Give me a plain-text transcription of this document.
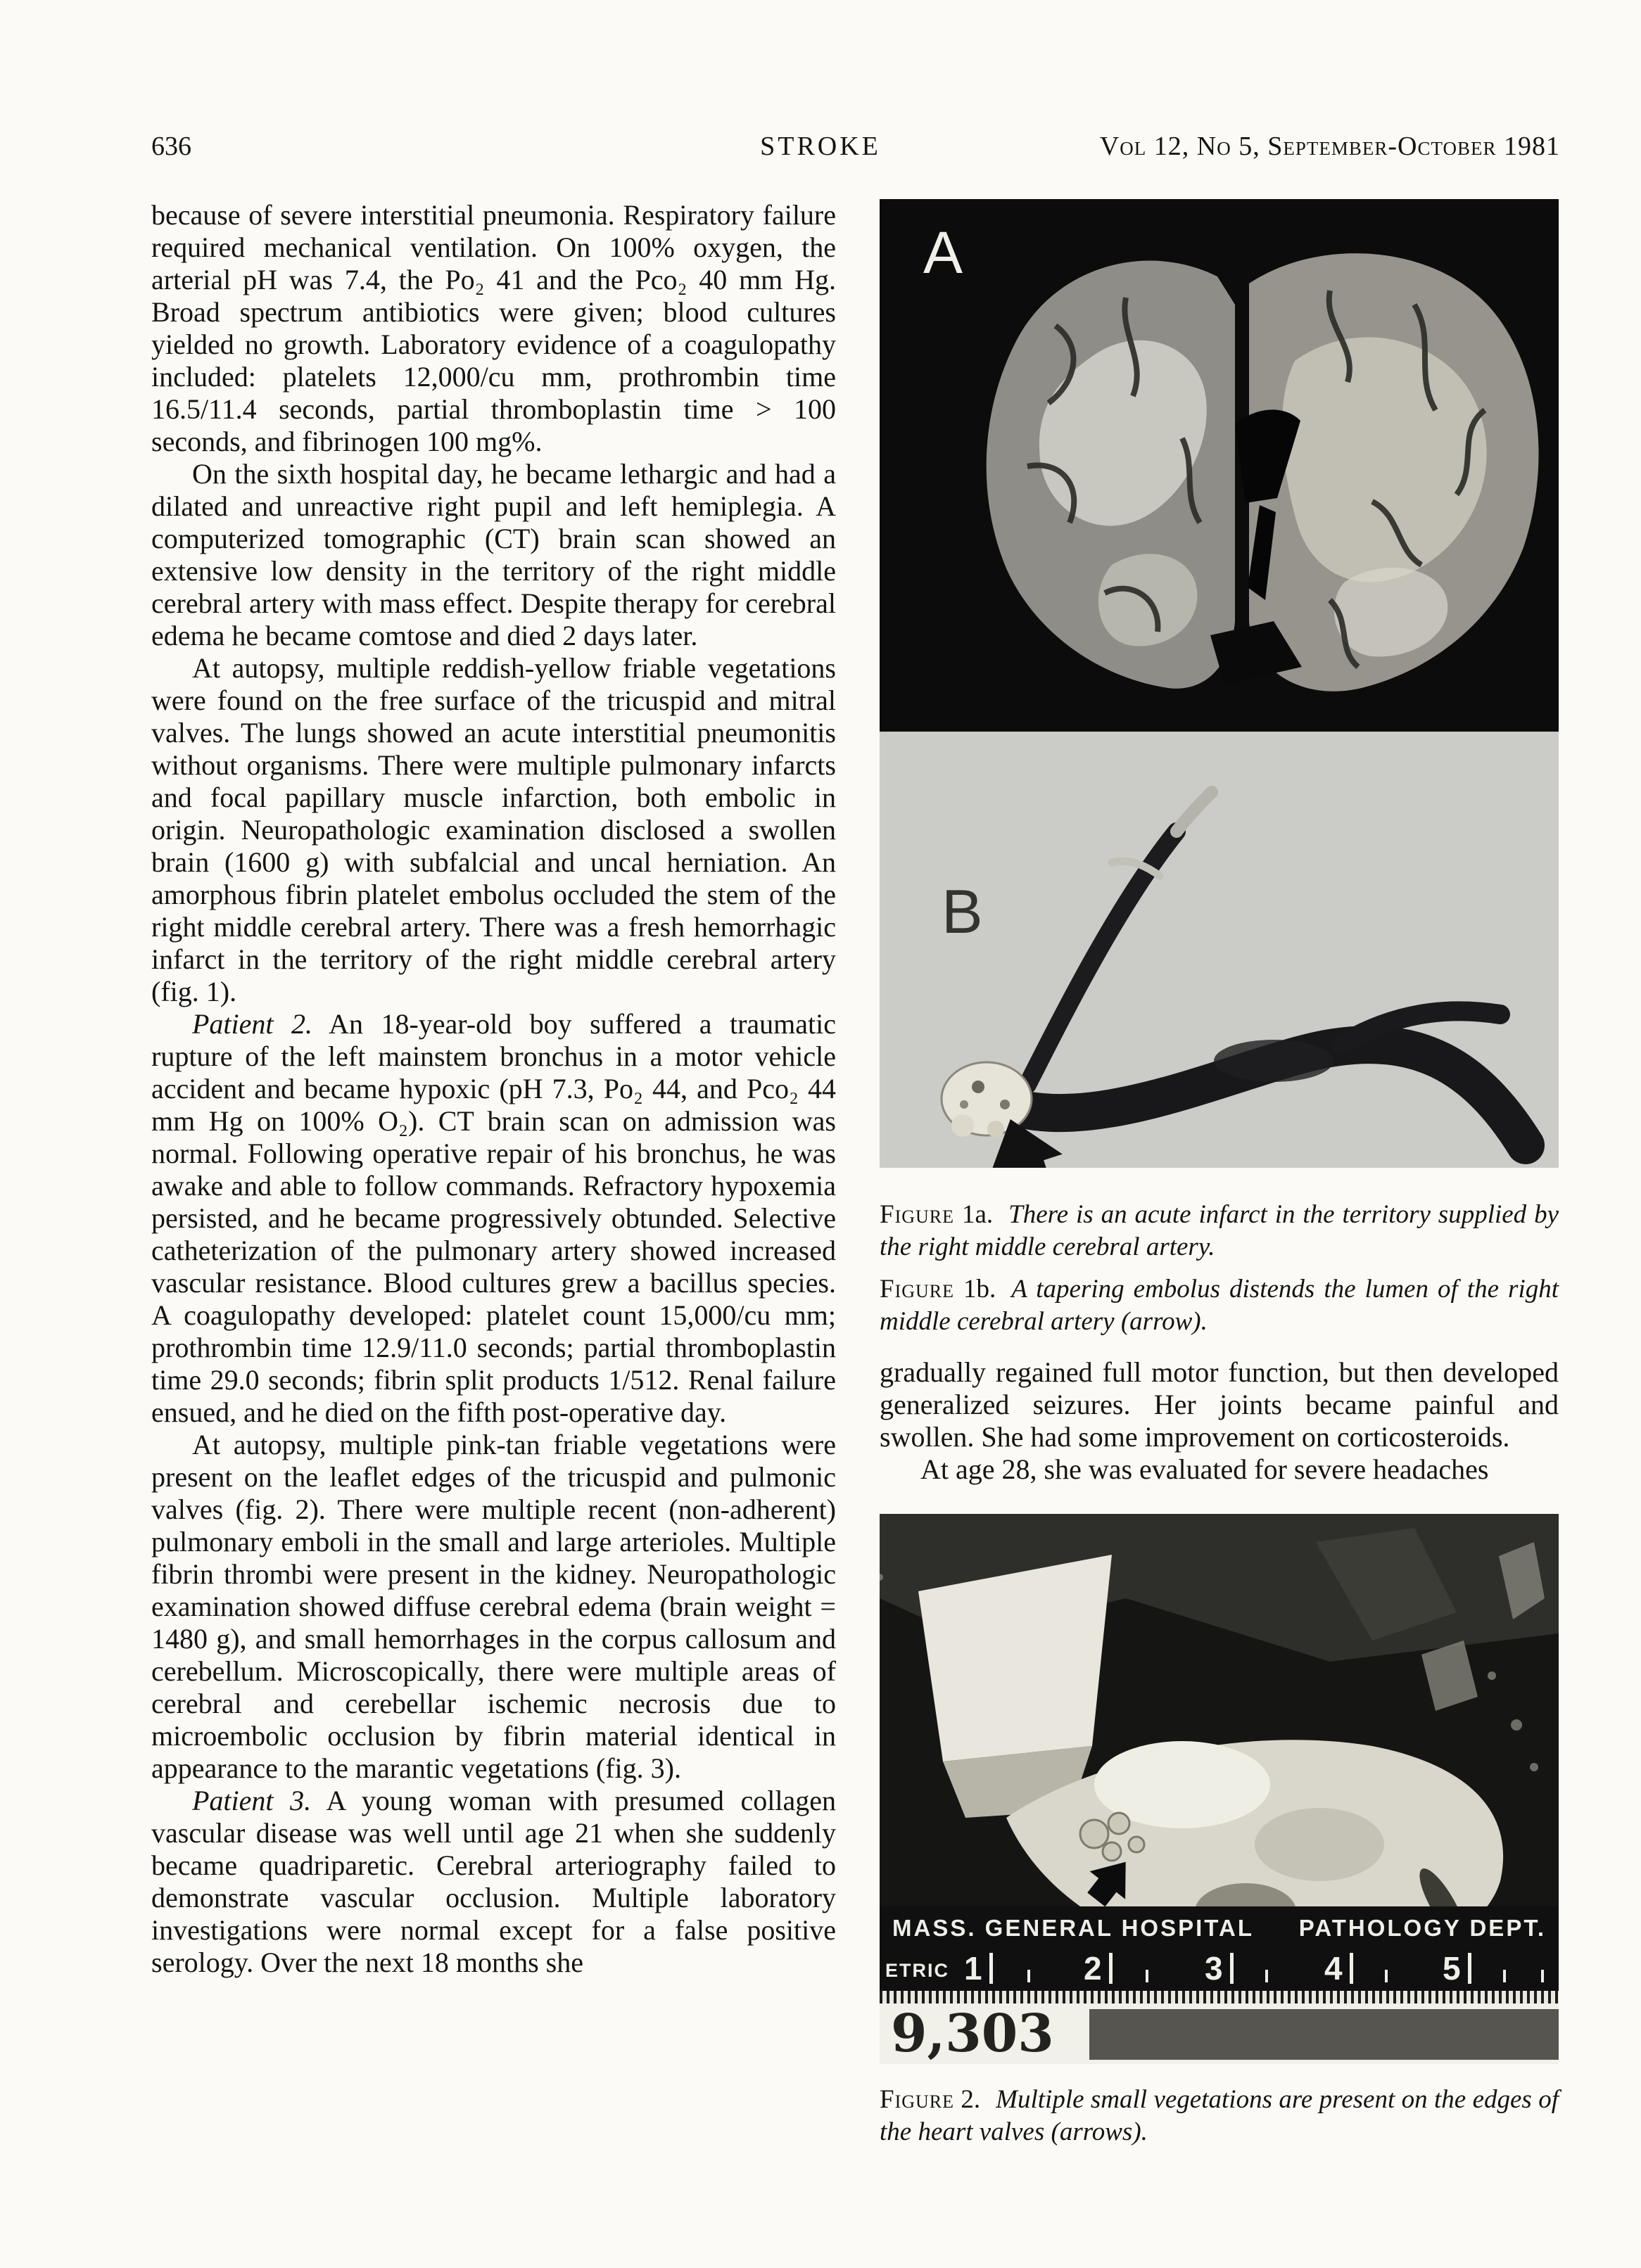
636	STROKE	Vol 12, No 5, September-October 1981

because of severe interstitial pneumonia. Respiratory failure required mechanical ventilation. On 100% oxygen, the arterial pH was 7.4, the Po₂ 41 and the Pco₂ 40 mm Hg. Broad spectrum antibiotics were given; blood cultures yielded no growth. Laboratory evidence of a coagulopathy included: platelets 12,000/cu mm, prothrombin time 16.5/11.4 seconds, partial thromboplastin time > 100 seconds, and fibrinogen 100 mg%.

On the sixth hospital day, he became lethargic and had a dilated and unreactive right pupil and left hemiplegia. A computerized tomographic (CT) brain scan showed an extensive low density in the territory of the right middle cerebral artery with mass effect. Despite therapy for cerebral edema he became comtose and died 2 days later.

At autopsy, multiple reddish-yellow friable vegetations were found on the free surface of the tricuspid and mitral valves. The lungs showed an acute interstitial pneumonitis without organisms. There were multiple pulmonary infarcts and focal papillary muscle infarction, both embolic in origin. Neuropathologic examination disclosed a swollen brain (1600 g) with subfalcial and uncal herniation. An amorphous fibrin platelet embolus occluded the stem of the right middle cerebral artery. There was a fresh hemorrhagic infarct in the territory of the right middle cerebral artery (fig. 1).

Patient 2. An 18-year-old boy suffered a traumatic rupture of the left mainstem bronchus in a motor vehicle accident and became hypoxic (pH 7.3, Po₂ 44, and Pco₂ 44 mm Hg on 100% O₂). CT brain scan on admission was normal. Following operative repair of his bronchus, he was awake and able to follow commands. Refractory hypoxemia persisted, and he became progressively obtunded. Selective catheterization of the pulmonary artery showed increased vascular resistance. Blood cultures grew a bacillus species. A coagulopathy developed: platelet count 15,000/cu mm; prothrombin time 12.9/11.0 seconds; partial thromboplastin time 29.0 seconds; fibrin split products 1/512. Renal failure ensued, and he died on the fifth post-operative day.

At autopsy, multiple pink-tan friable vegetations were present on the leaflet edges of the tricuspid and pulmonic valves (fig. 2). There were multiple recent (non-adherent) pulmonary emboli in the small and large arterioles. Multiple fibrin thrombi were present in the kidney. Neuropathologic examination showed diffuse cerebral edema (brain weight = 1480 g), and small hemorrhages in the corpus callosum and cerebellum. Microscopically, there were multiple areas of cerebral and cerebellar ischemic necrosis due to microembolic occlusion by fibrin material identical in appearance to the marantic vegetations (fig. 3).

Patient 3. A young woman with presumed collagen vascular disease was well until age 21 when she suddenly became quadriparetic. Cerebral arteriography failed to demonstrate vascular occlusion. Multiple laboratory investigations were normal except for a false positive serology. Over the next 18 months she

A
B

Figure 1a. There is an acute infarct in the territory supplied by the right middle cerebral artery.

Figure 1b. A tapering embolus distends the lumen of the right middle cerebral artery (arrow).

gradually regained full motor function, but then developed generalized seizures. Her joints became painful and swollen. She had some improvement on corticosteroids.

At age 28, she was evaluated for severe headaches

MASS. GENERAL HOSPITAL PATHOLOGY DEPT.
ETRIC 1	2	3	4	5
9,303

Figure 2. Multiple small vegetations are present on the edges of the heart valves (arrows).
